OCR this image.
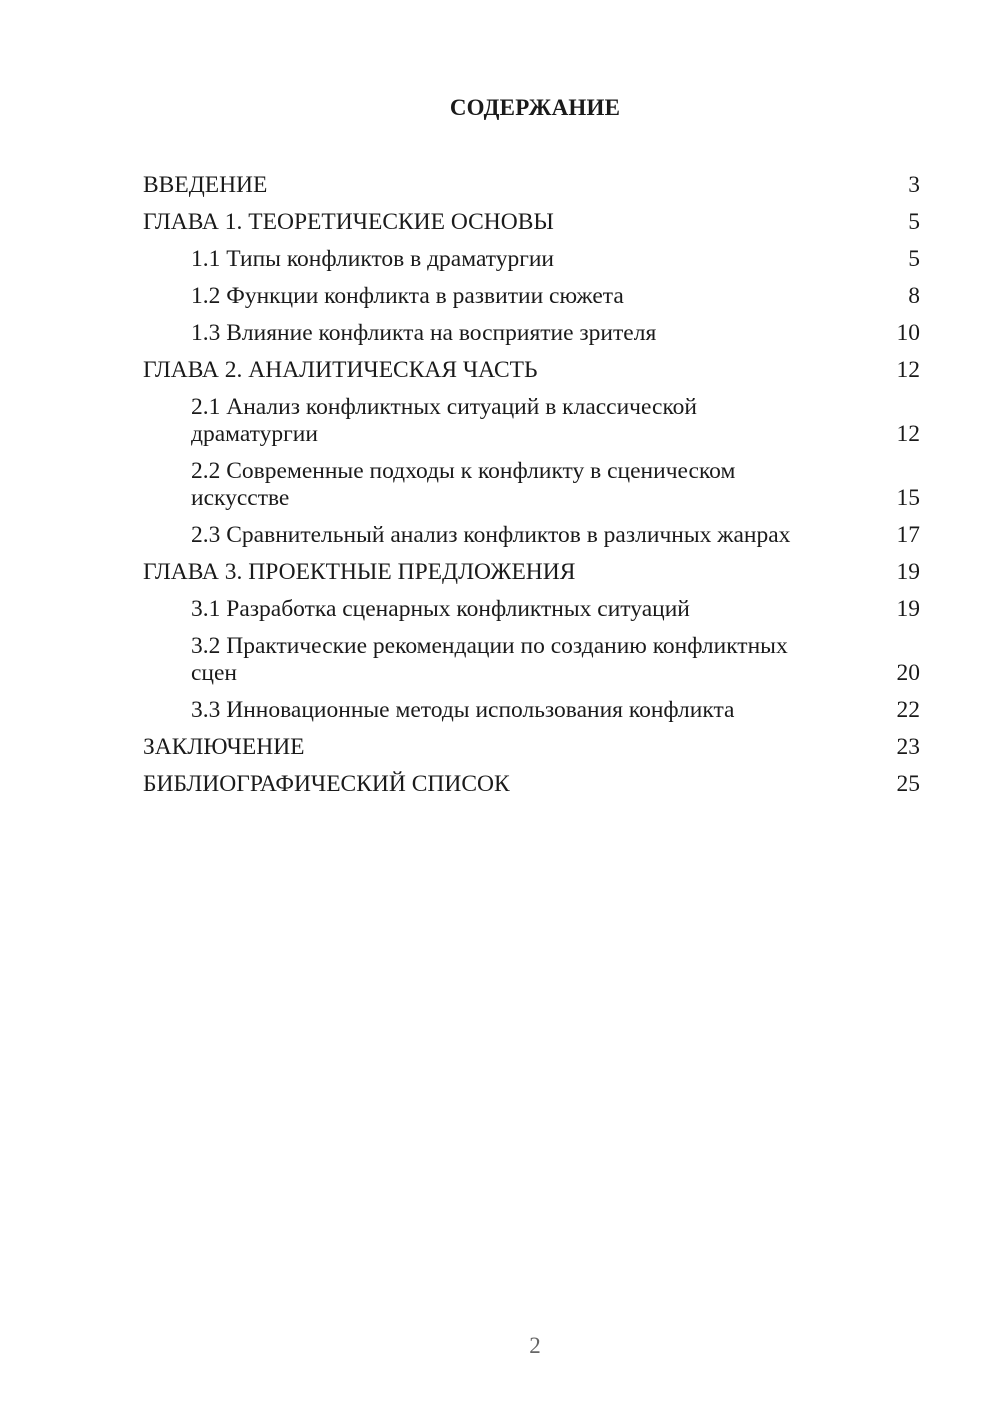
СОДЕРЖАНИЕ
ВВЕДЕНИЕ	3
ГЛАВА 1. ТЕОРЕТИЧЕСКИЕ ОСНОВЫ	5
1.1 Типы конфликтов в драматургии	5
1.2 Функции конфликта в развитии сюжета	8
1.3 Влияние конфликта на восприятие зрителя	10
ГЛАВА 2. АНАЛИТИЧЕСКАЯ ЧАСТЬ	12
2.1 Анализ конфликтных ситуаций в классической драматургии	12
2.2 Современные подходы к конфликту в сценическом искусстве	15
2.3 Сравнительный анализ конфликтов в различных жанрах	17
ГЛАВА 3. ПРОЕКТНЫЕ ПРЕДЛОЖЕНИЯ	19
3.1 Разработка сценарных конфликтных ситуаций	19
3.2 Практические рекомендации по созданию конфликтных сцен	20
3.3 Инновационные методы использования конфликта	22
ЗАКЛЮЧЕНИЕ	23
БИБЛИОГРАФИЧЕСКИЙ СПИСОК	25
2
